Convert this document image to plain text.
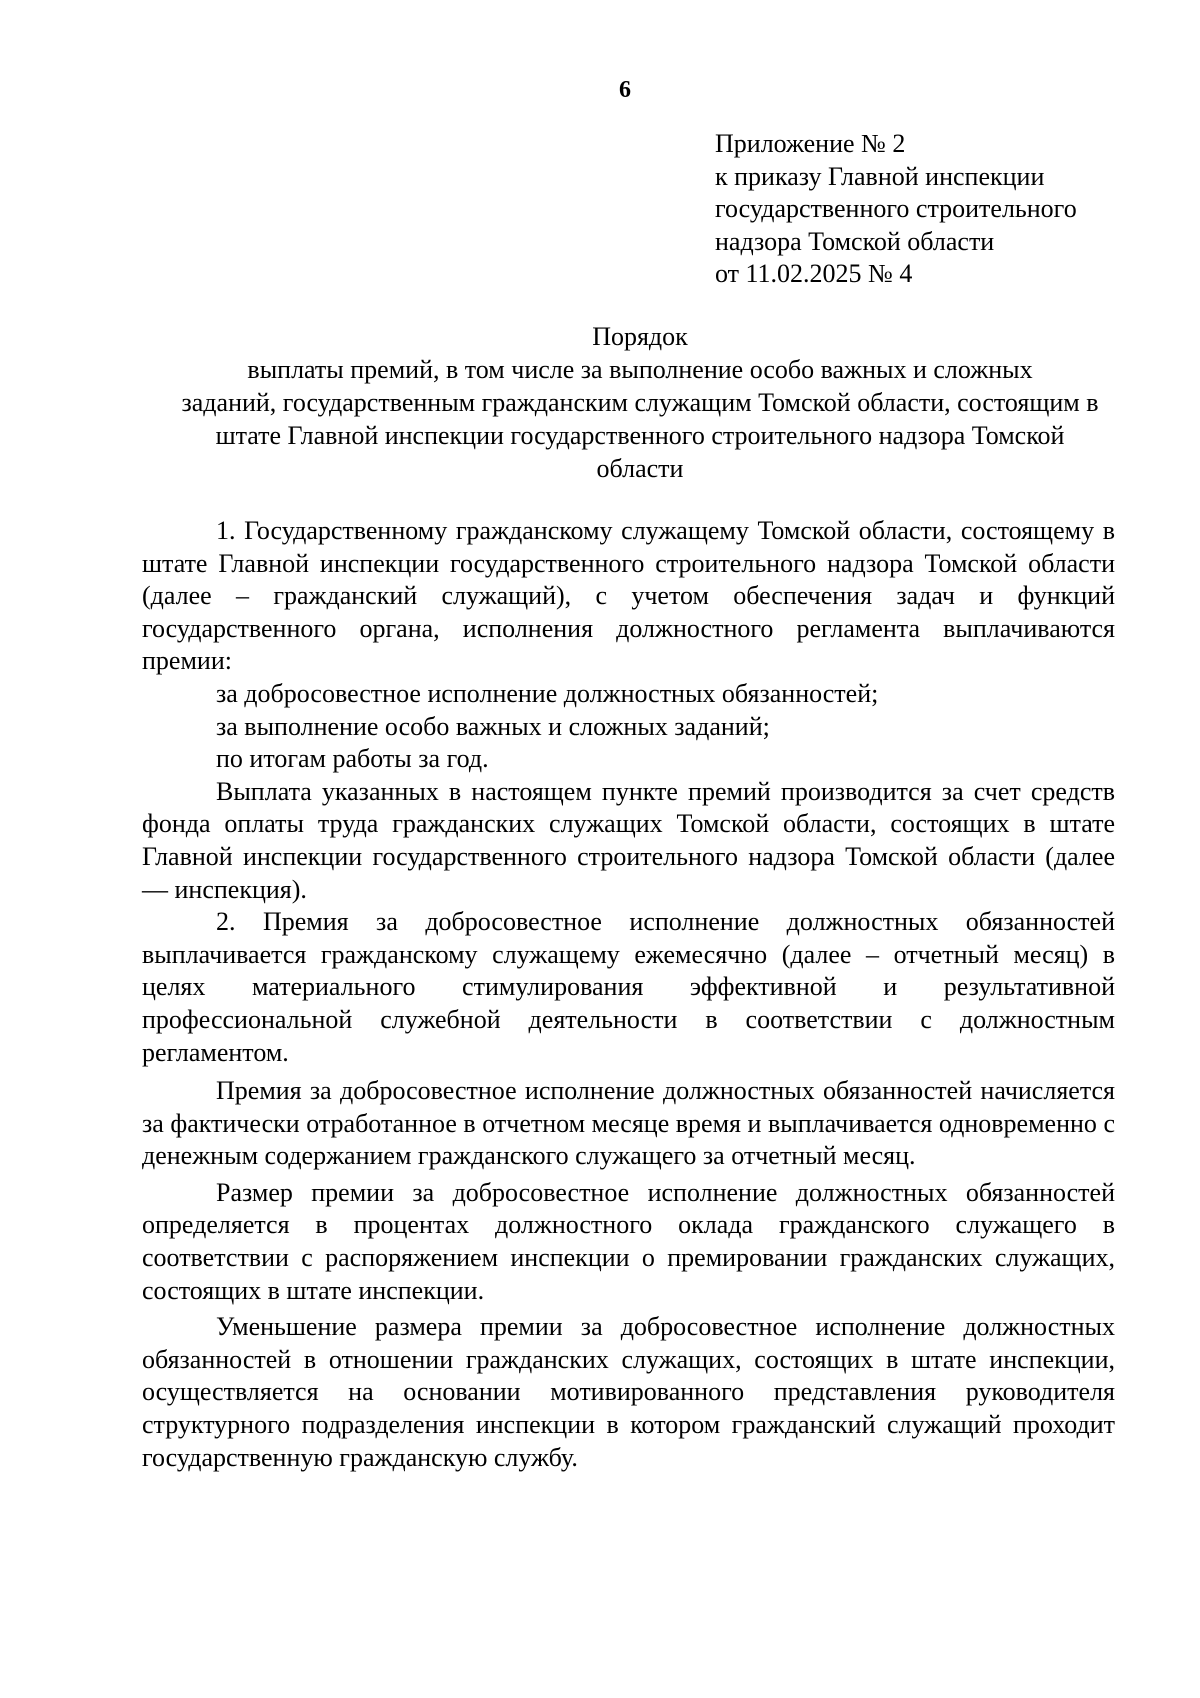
6
Приложение № 2
к приказу Главной инспекции
государственного строительного
надзора Томской области
от 11.02.2025 № 4
Порядок
выплаты премий, в том числе за выполнение особо важных и сложных
заданий, государственным гражданским служащим Томской области, состоящим в
штате Главной инспекции государственного строительного надзора Томской
области

1. Государственному гражданскому служащему Томской области, состоящему в штате Главной инспекции государственного строительного надзора Томской области (далее – гражданский служащий), с учетом обеспечения задач и функций государственного органа, исполнения должностного регламента выплачиваются премии:

за добросовестное исполнение должностных обязанностей;

за выполнение особо важных и сложных заданий;

по итогам работы за год.

Выплата указанных в настоящем пункте премий производится за счет средств фонда оплаты труда гражданских служащих Томской области, состоящих в штате Главной инспекции государственного строительного надзора Томской области (далее — инспекция).

2. Премия за добросовестное исполнение должностных обязанностей выплачивается гражданскому служащему ежемесячно (далее – отчетный месяц) в целях материального стимулирования эффективной и результативной профессиональной служебной деятельности в соответствии с должностным регламентом.

Премия за добросовестное исполнение должностных обязанностей начисляется за фактически отработанное в отчетном месяце время и выплачивается одновременно с денежным содержанием гражданского служащего за отчетный месяц.

Размер премии за добросовестное исполнение должностных обязанностей определяется в процентах должностного оклада гражданского служащего в соответствии с распоряжением инспекции о премировании гражданских служащих, состоящих в штате инспекции.

Уменьшение размера премии за добросовестное исполнение должностных обязанностей в отношении гражданских служащих, состоящих в штате инспекции, осуществляется на основании мотивированного представления руководителя структурного подразделения инспекции в котором гражданский служащий проходит государственную гражданскую службу.
